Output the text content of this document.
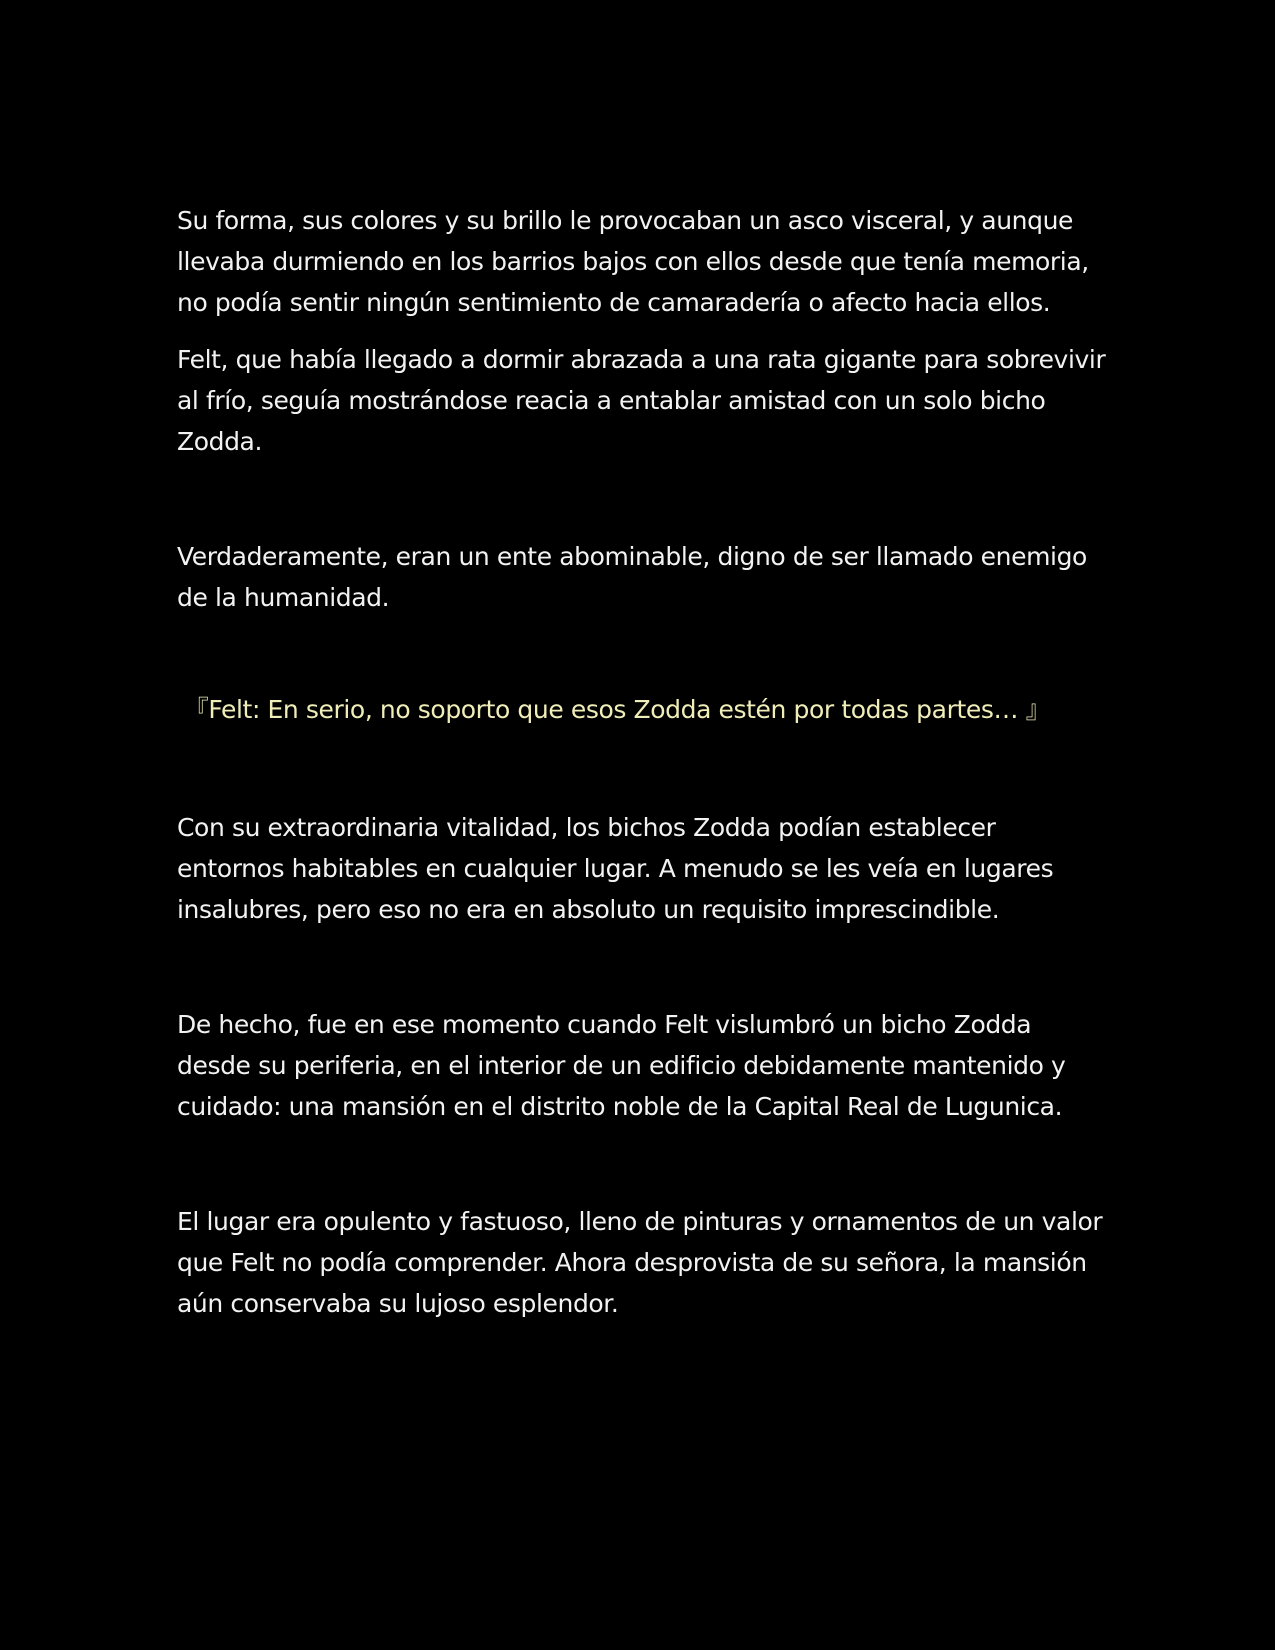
Su forma, sus colores y su brillo le provocaban un asco visceral, y aunque llevaba durmiendo en los barrios bajos con ellos desde que tenía memoria, no podía sentir ningún sentimiento de camaradería o afecto hacia ellos.

Felt, que había llegado a dormir abrazada a una rata gigante para sobrevivir al frío, seguía mostrándose reacia a entablar amistad con un solo bicho Zodda.

Verdaderamente, eran un ente abominable, digno de ser llamado enemigo de la humanidad.

『Felt: En serio, no soporto que esos Zodda estén por todas partes… 』

Con su extraordinaria vitalidad, los bichos Zodda podían establecer entornos habitables en cualquier lugar. A menudo se les veía en lugares insalubres, pero eso no era en absoluto un requisito imprescindible.

De hecho, fue en ese momento cuando Felt vislumbró un bicho Zodda desde su periferia, en el interior de un edificio debidamente mantenido y cuidado: una mansión en el distrito noble de la Capital Real de Lugunica.

El lugar era opulento y fastuoso, lleno de pinturas y ornamentos de un valor que Felt no podía comprender. Ahora desprovista de su señora, la mansión aún conservaba su lujoso esplendor.
